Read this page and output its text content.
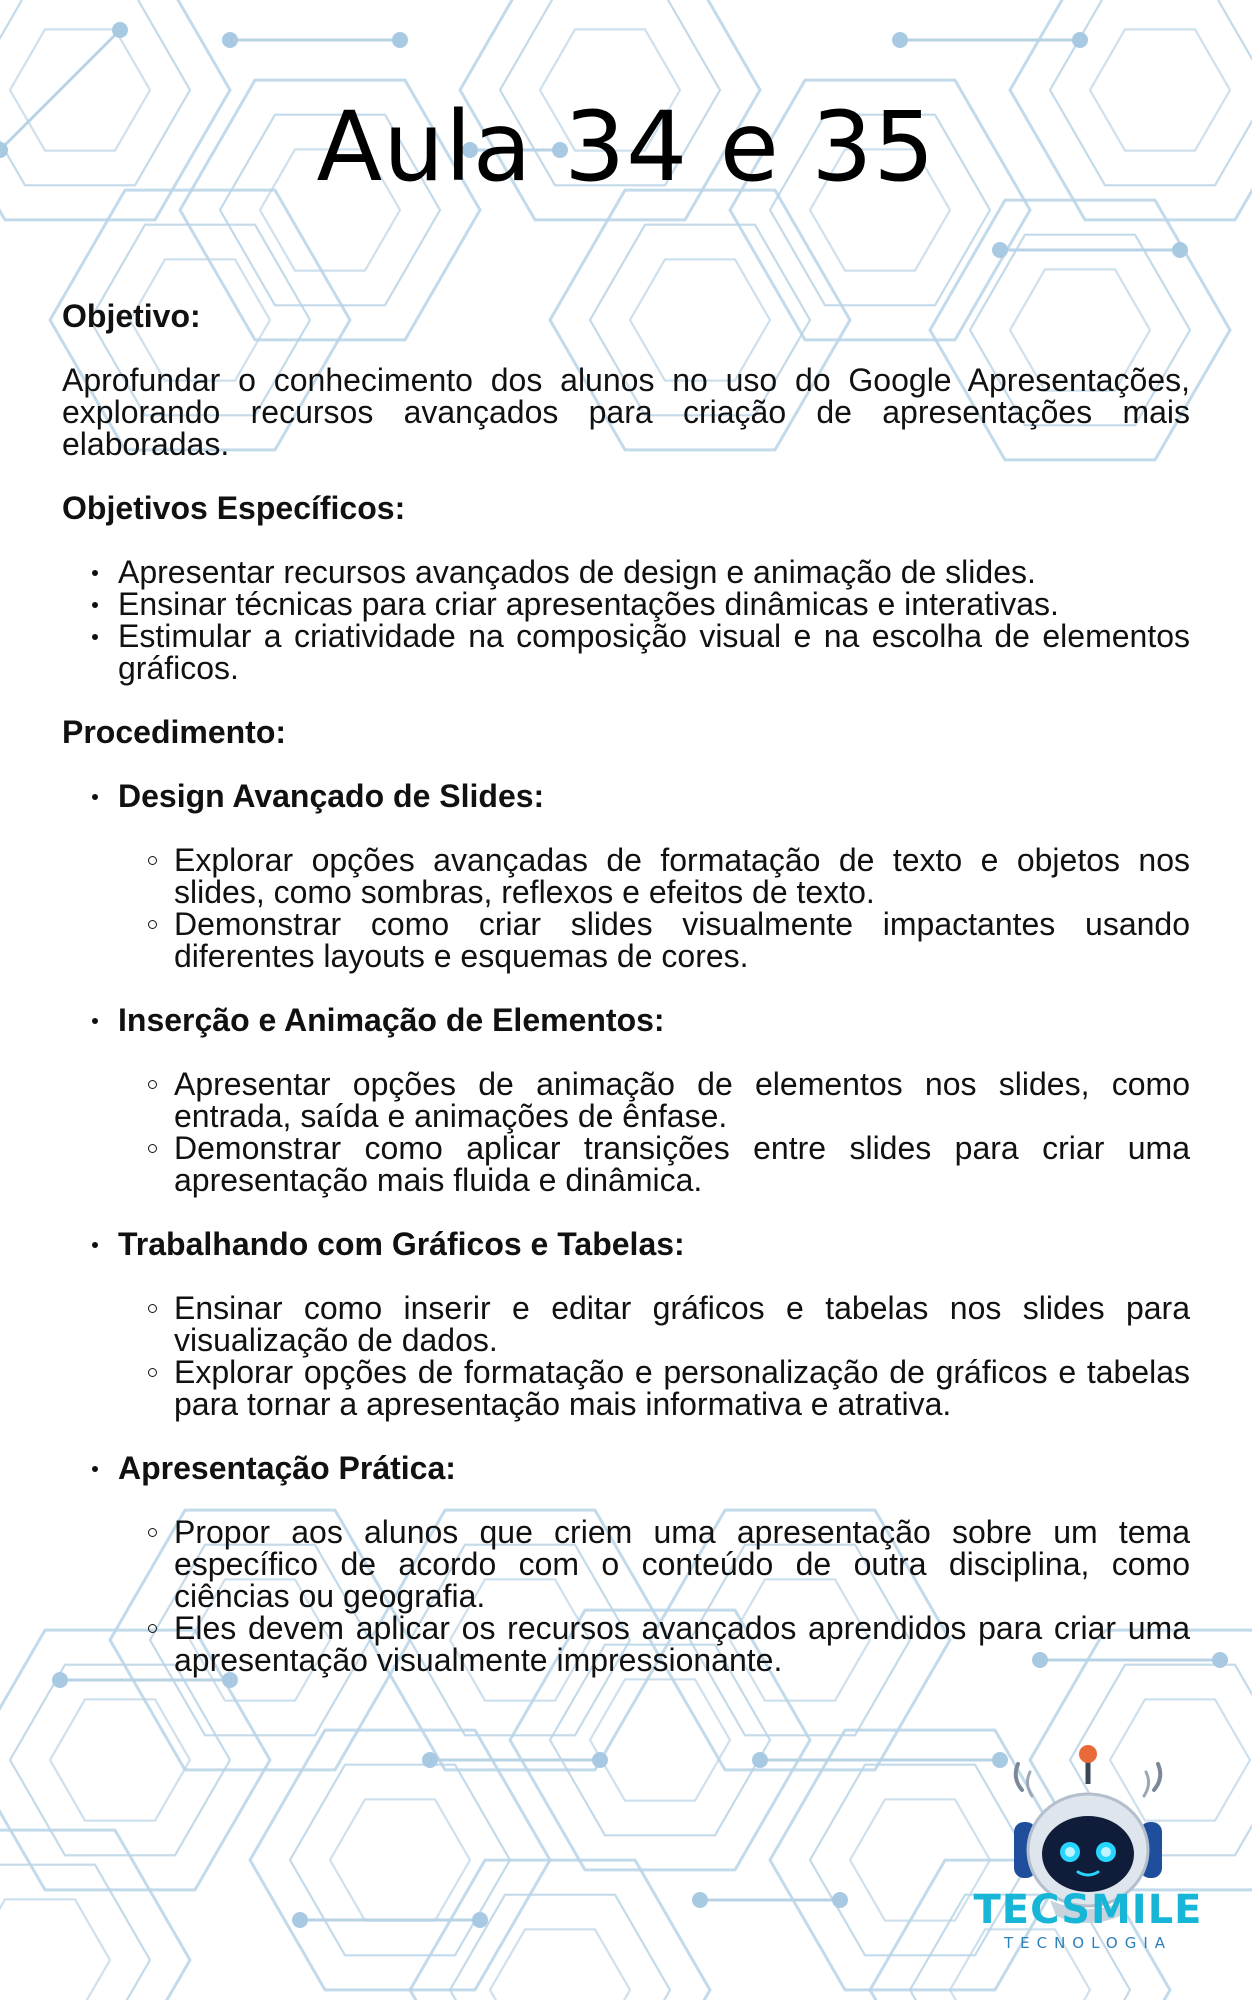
Aula 34 e 35
Objetivo:
Aprofundar o conhecimento dos alunos no uso do Google Apresentações, explorando recursos avançados para criação de apresentações mais elaboradas.
Objetivos Específicos:
Apresentar recursos avançados de design e animação de slides.
Ensinar técnicas para criar apresentações dinâmicas e interativas.
Estimular a criatividade na composição visual e na escolha de elementos gráficos.
Procedimento:
Design Avançado de Slides:
Explorar opções avançadas de formatação de texto e objetos nos slides, como sombras, reflexos e efeitos de texto.
Demonstrar como criar slides visualmente impactantes usando diferentes layouts e esquemas de cores.
Inserção e Animação de Elementos:
Apresentar opções de animação de elementos nos slides, como entrada, saída e animações de ênfase.
Demonstrar como aplicar transições entre slides para criar uma apresentação mais fluida e dinâmica.
Trabalhando com Gráficos e Tabelas:
Ensinar como inserir e editar gráficos e tabelas nos slides para visualização de dados.
Explorar opções de formatação e personalização de gráficos e tabelas para tornar a apresentação mais informativa e atrativa.
Apresentação Prática:
Propor aos alunos que criem uma apresentação sobre um tema específico de acordo com o conteúdo de outra disciplina, como ciências ou geografia.
Eles devem aplicar os recursos avançados aprendidos para criar uma apresentação visualmente impressionante.
TECSMILE
TECNOLOGIA
